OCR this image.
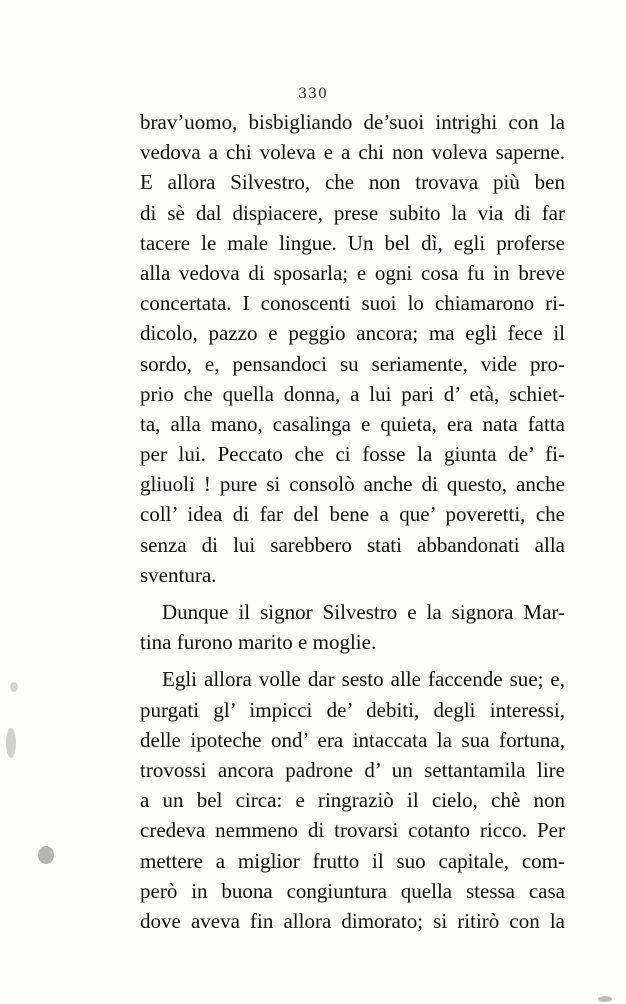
330
brav’uomo, bisbigliando de’suoi intrighi con la
vedova a chi voleva e a chi non voleva saperne.
E allora Silvestro, che non trovava più ben
di sè dal dispiacere, prese subito la via di far
tacere le male lingue. Un bel dì, egli proferse
alla vedova di sposarla; e ogni cosa fu in breve
concertata. I conoscenti suoi lo chiamarono ri-
dicolo, pazzo e peggio ancora; ma egli fece il
sordo, e, pensandoci su seriamente, vide pro-
prio che quella donna, a lui pari d’ età, schiet-
ta, alla mano, casalinga e quieta, era nata fatta
per lui. Peccato che ci fosse la giunta de’ fi-
gliuoli ! pure si consolò anche di questo, anche
coll’ idea di far del bene a que’ poveretti, che
senza di lui sarebbero stati abbandonati alla
sventura.
Dunque il signor Silvestro e la signora Mar-
tina furono marito e moglie.
Egli allora volle dar sesto alle faccende sue; e,
purgati gl’ impicci de’ debiti, degli interessi,
delle ipoteche ond’ era intaccata la sua fortuna,
trovossi ancora padrone d’ un settantamila lire
a un bel circa: e ringraziò il cielo, chè non
credeva nemmeno di trovarsi cotanto ricco. Per
mettere a miglior frutto il suo capitale, com-
però in buona congiuntura quella stessa casa
dove aveva fin allora dimorato; si ritirò con la
